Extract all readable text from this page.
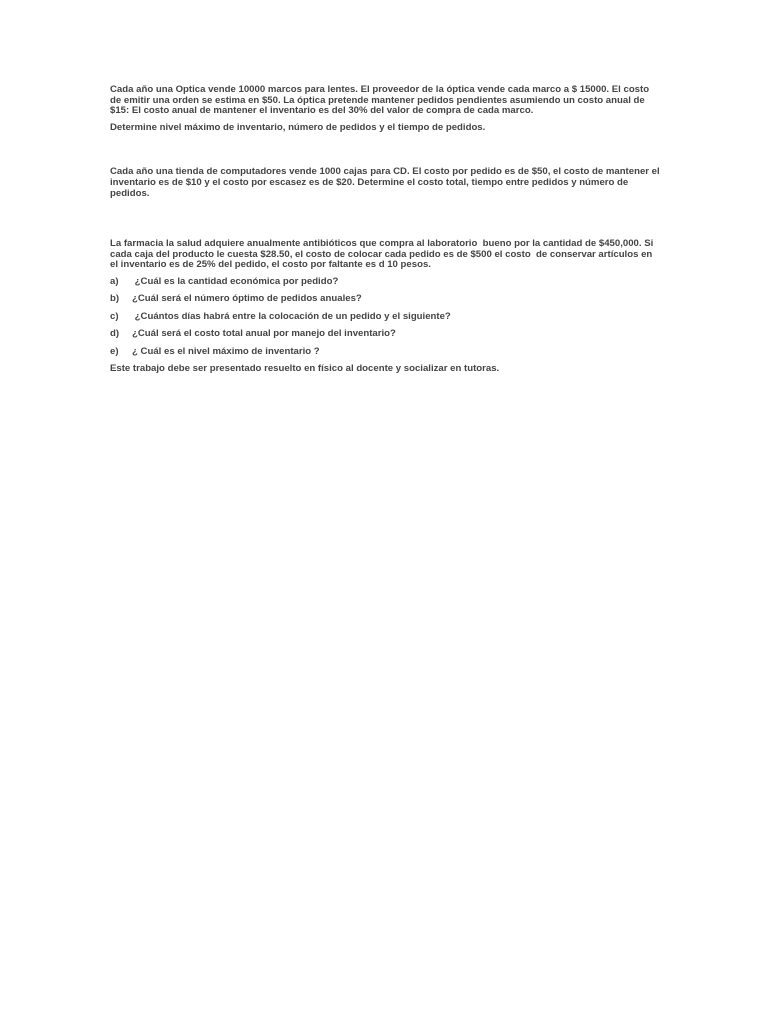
Cada año una Optica vende 10000 marcos para lentes. El proveedor de la óptica vende cada marco a $ 15000. El costo de emitir una orden se estima en $50. La óptica pretende mantener pedidos pendientes asumiendo un costo anual de $15: El costo anual de mantener el inventario es del 30% del valor de compra de cada marco.

Determine nivel máximo de inventario, número de pedidos y el tiempo de pedidos.

Cada año una tienda de computadores vende 1000 cajas para CD. El costo por pedido es de $50, el costo de mantener el inventario es de $10 y el costo por escasez es de $20. Determine el costo total, tiempo entre pedidos y número de pedidos.

La farmacia la salud adquiere anualmente antibióticos que compra al laboratorio  bueno por la cantidad de $450,000. Si cada caja del producto le cuesta $28.50, el costo de colocar cada pedido es de $500 el costo  de conservar artículos en el inventario es de 25% del pedido, el costo por faltante es d 10 pesos.

a)	¿Cuál es la cantidad económica por pedido?
b)	¿Cuál será el número óptimo de pedidos anuales?
c)	¿Cuántos días habrá entre la colocación de un pedido y el siguiente?
d)	¿Cuál será el costo total anual por manejo del inventario?
e)	¿ Cuál es el nivel máximo de inventario ?

Este trabajo debe ser presentado resuelto en físico al docente y socializar en tutoras.
